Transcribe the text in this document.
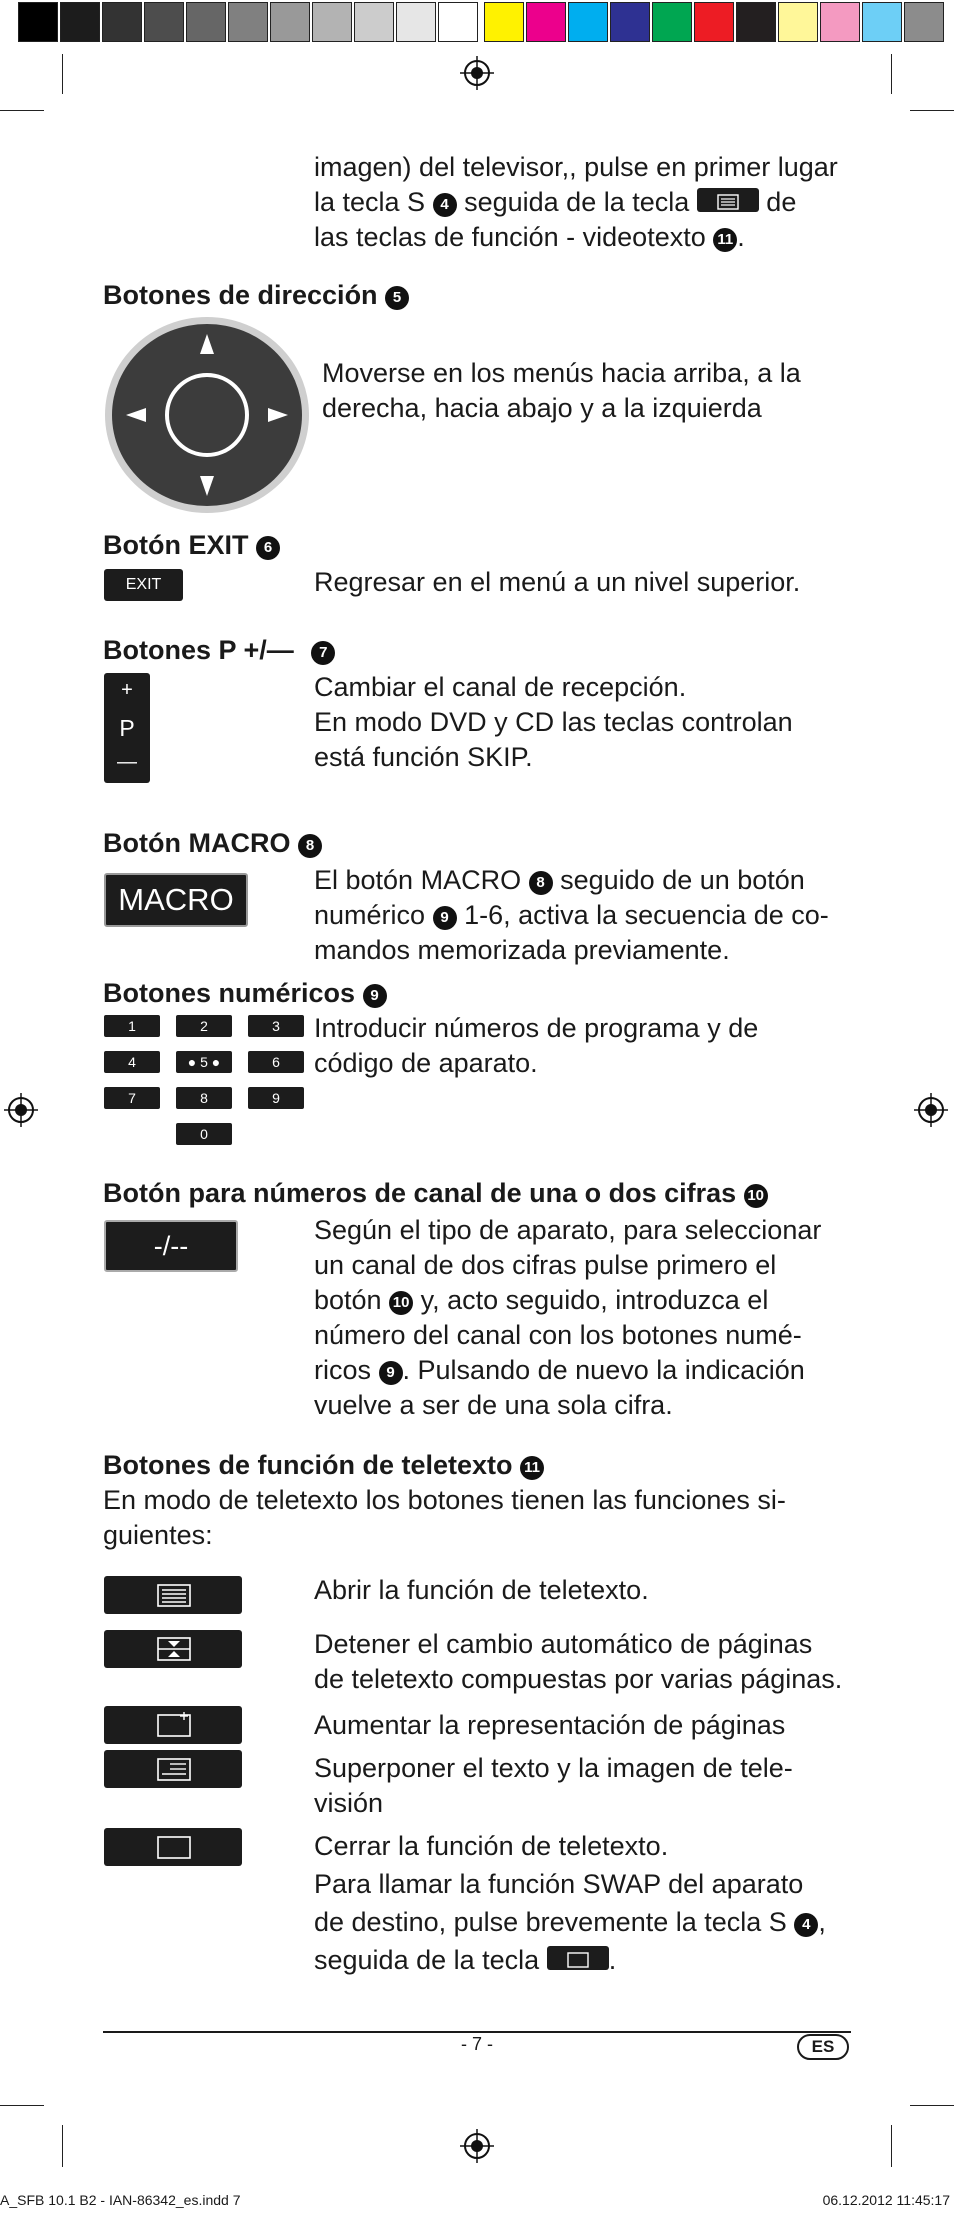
imagen) del televisor,, pulse en primer lugar
la tecla S 4 seguida de la tecla	de
las teclas de función - videotexto 11 .
Botones de dirección 5
Moverse en los menús hacia arriba, a la
derecha, hacia abajo y a la izquierda
Botón EXIT 6
EXIT	Regresar en el menú a un nivel superior.
Botones P +/— 7
+
P
—
Cambiar el canal de recepción.
En modo DVD y CD las teclas controlan
está función SKIP.
Botón MACRO 8
MACRO
El botón MACRO 8 seguido de un botón
numérico 9 1-6, activa la secuencia de co-
mandos memorizada previamente.
Botones numéricos 9
1	2	3
4	● 5 ●	6
7	8	9
0
Introducir números de programa y de
código de aparato.
Botón para números de canal de una o dos cifras 10
-/--
Según el tipo de aparato, para seleccionar
un canal de dos cifras pulse primero el
botón 10 y, acto seguido, introduzca el
número del canal con los botones numé-
ricos 9 . Pulsando de nuevo la indicación
vuelve a ser de una sola cifra.
Botones de función de teletexto 11
En modo de teletexto los botones tienen las funciones si-
guientes:
Abrir la función de teletexto.
Detener el cambio automático de páginas
de teletexto compuestas por varias páginas.
Aumentar la representación de páginas
Superponer el texto y la imagen de tele-
visión
Cerrar la función de teletexto.
Para llamar la función SWAP del aparato
de destino, pulse brevemente la tecla S 4 ,
seguida de la tecla	.
- 7 -	ES
A_SFB 10.1 B2 - IAN-86342_es.indd 7	06.12.2012 11:45:17
